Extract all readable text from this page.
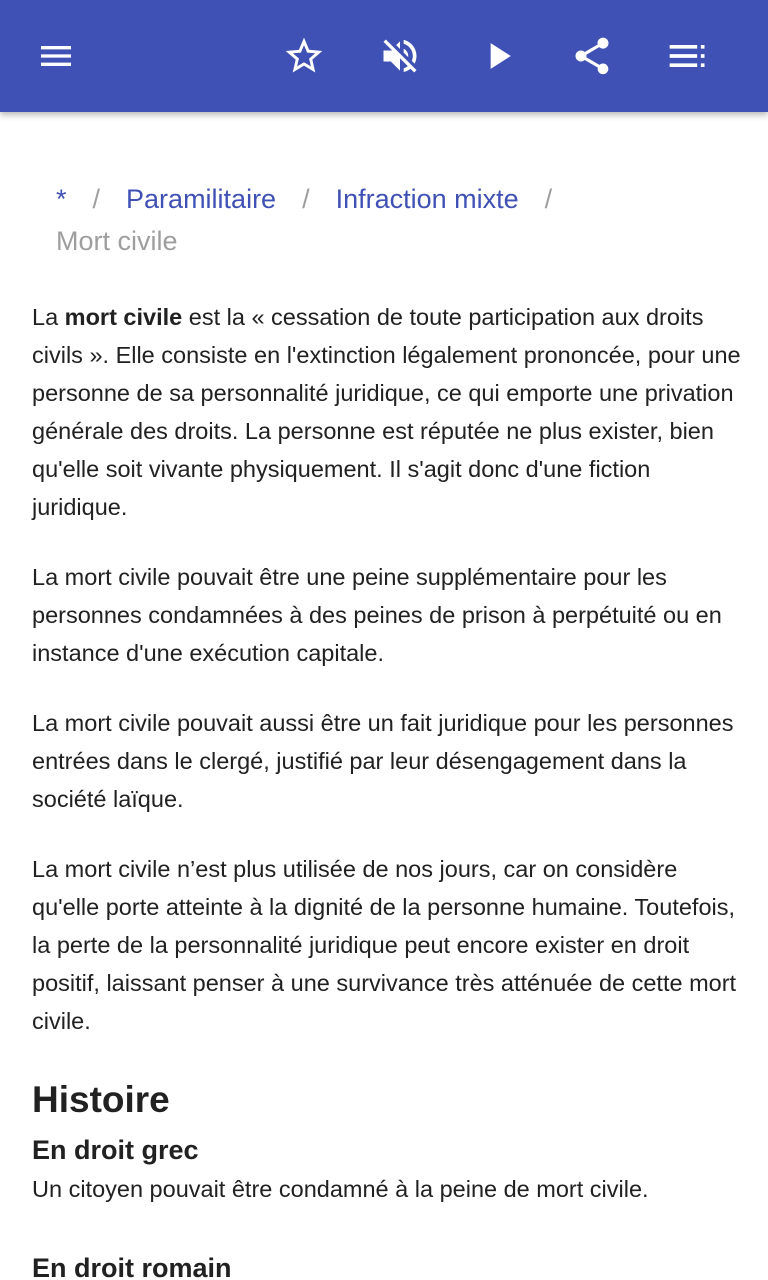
* / Paramilitaire / Infraction mixte /
Mort civile

La mort civile est la « cessation de toute participation aux droits civils ». Elle consiste en l'extinction légalement prononcée, pour une personne de sa personnalité juridique, ce qui emporte une privation générale des droits. La personne est réputée ne plus exister, bien qu'elle soit vivante physiquement. Il s'agit donc d'une fiction juridique.

La mort civile pouvait être une peine supplémentaire pour les personnes condamnées à des peines de prison à perpétuité ou en instance d'une exécution capitale.

La mort civile pouvait aussi être un fait juridique pour les personnes entrées dans le clergé, justifié par leur désengagement dans la société laïque.

La mort civile n’est plus utilisée de nos jours, car on considère qu'elle porte atteinte à la dignité de la personne humaine. Toutefois, la perte de la personnalité juridique peut encore exister en droit positif, laissant penser à une survivance très atténuée de cette mort civile.

Histoire
En droit grec

Un citoyen pouvait être condamné à la peine de mort civile.

En droit romain
